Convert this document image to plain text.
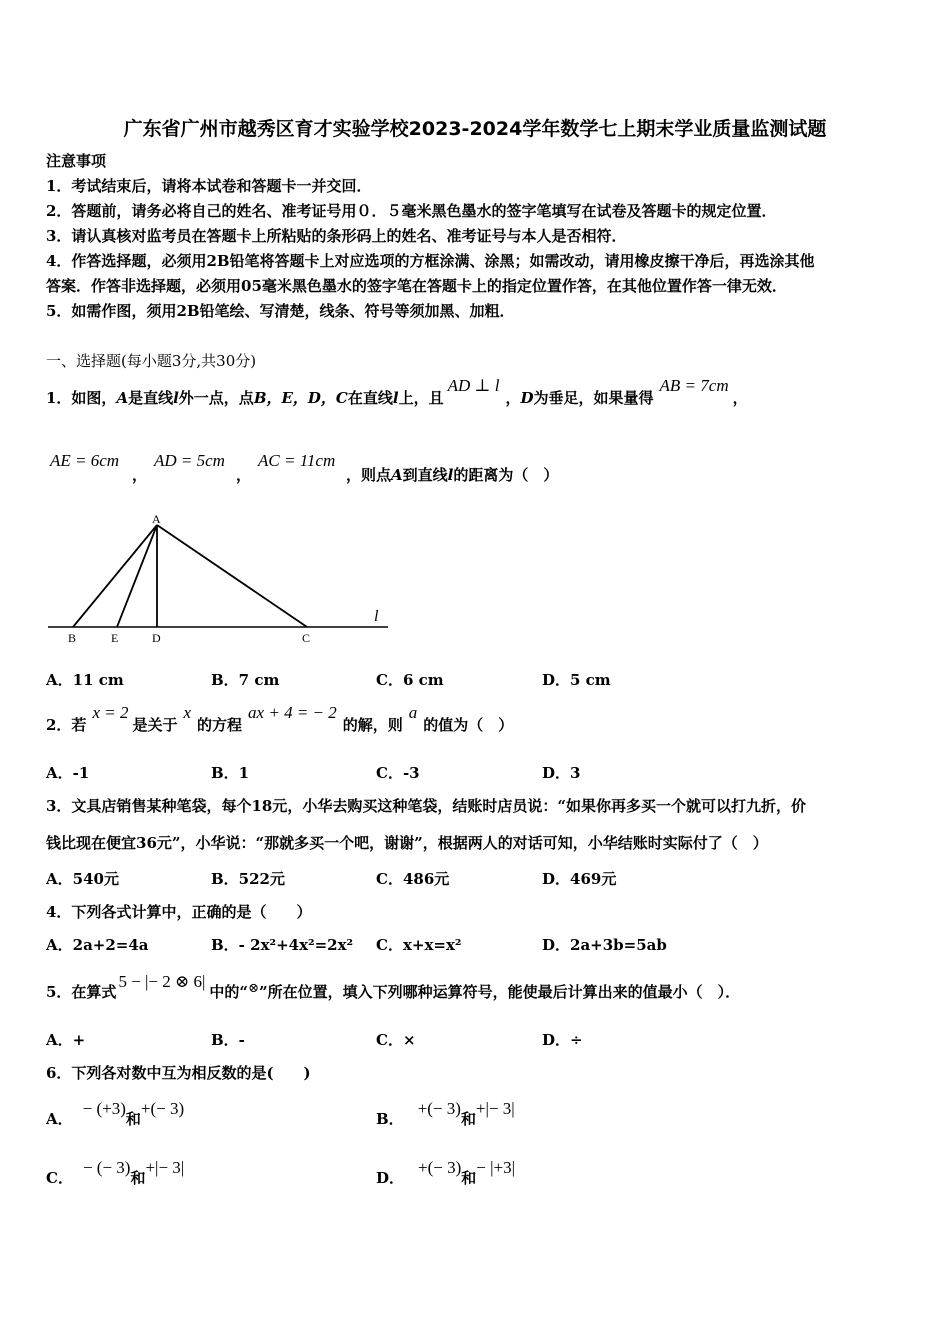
广东省广州市越秀区育才实验学校2023-2024学年数学七上期末学业质量监测试题
注意事项
1．考试结束后，请将本试卷和答题卡一并交回．
2．答题前，请务必将自己的姓名、准考证号用０．５毫米黑色墨水的签字笔填写在试卷及答题卡的规定位置．
3．请认真核对监考员在答题卡上所粘贴的条形码上的姓名、准考证号与本人是否相符．
4．作答选择题，必须用2B铅笔将答题卡上对应选项的方框涂满、涂黑；如需改动，请用橡皮擦干净后，再选涂其他
答案．作答非选择题，必须用05毫米黑色墨水的签字笔在答题卡上的指定位置作答，在其他位置作答一律无效．
5．如需作图，须用2B铅笔绘、写清楚，线条、符号等须加黑、加粗．
一、选择题(每小题3分,共30分)
1．如图，A是直线l外一点，点B，E，D，C在直线l上，且AD ⊥ l，D为垂足，如果量得AB = 7cm，
AE = 6cm
，
AD = 5cm
，
AC = 11cm
，则点A到直线l的距离为（　）
A
B	E	D	C
l
A．11 cm	B．7 cm	C．6 cm	D．5 cm
2．若x = 2是关于x的方程ax + 4 = − 2的解，则a的值为（　）
A．-1	B．1	C．-3	D．3
3．文具店销售某种笔袋，每个18元，小华去购买这种笔袋，结账时店员说：“如果你再多买一个就可以打九折，价
钱比现在便宜36元”，小华说：“那就多买一个吧，谢谢”，根据两人的对话可知，小华结账时实际付了（　）
A．540元	B．522元	C．486元	D．469元
4．下列各式计算中，正确的是（　　）
A．2a+2=4a	B．- 2x²+4x²=2x² C．x+x=x²	D．2a+3b=5ab
5．在算式5 − |− 2 ⊗ 6|中的“⊗”所在位置，填入下列哪种运算符号，能使最后计算出来的值最小（　）．
A．+	B．-	C．×	D．÷
6．下列各对数中互为相反数的是(　　)
A．− (+3)和+(− 3)
B．+(− 3)和+|− 3|
C．− (− 3)和+|− 3|
D．+(− 3)和− |+3|
